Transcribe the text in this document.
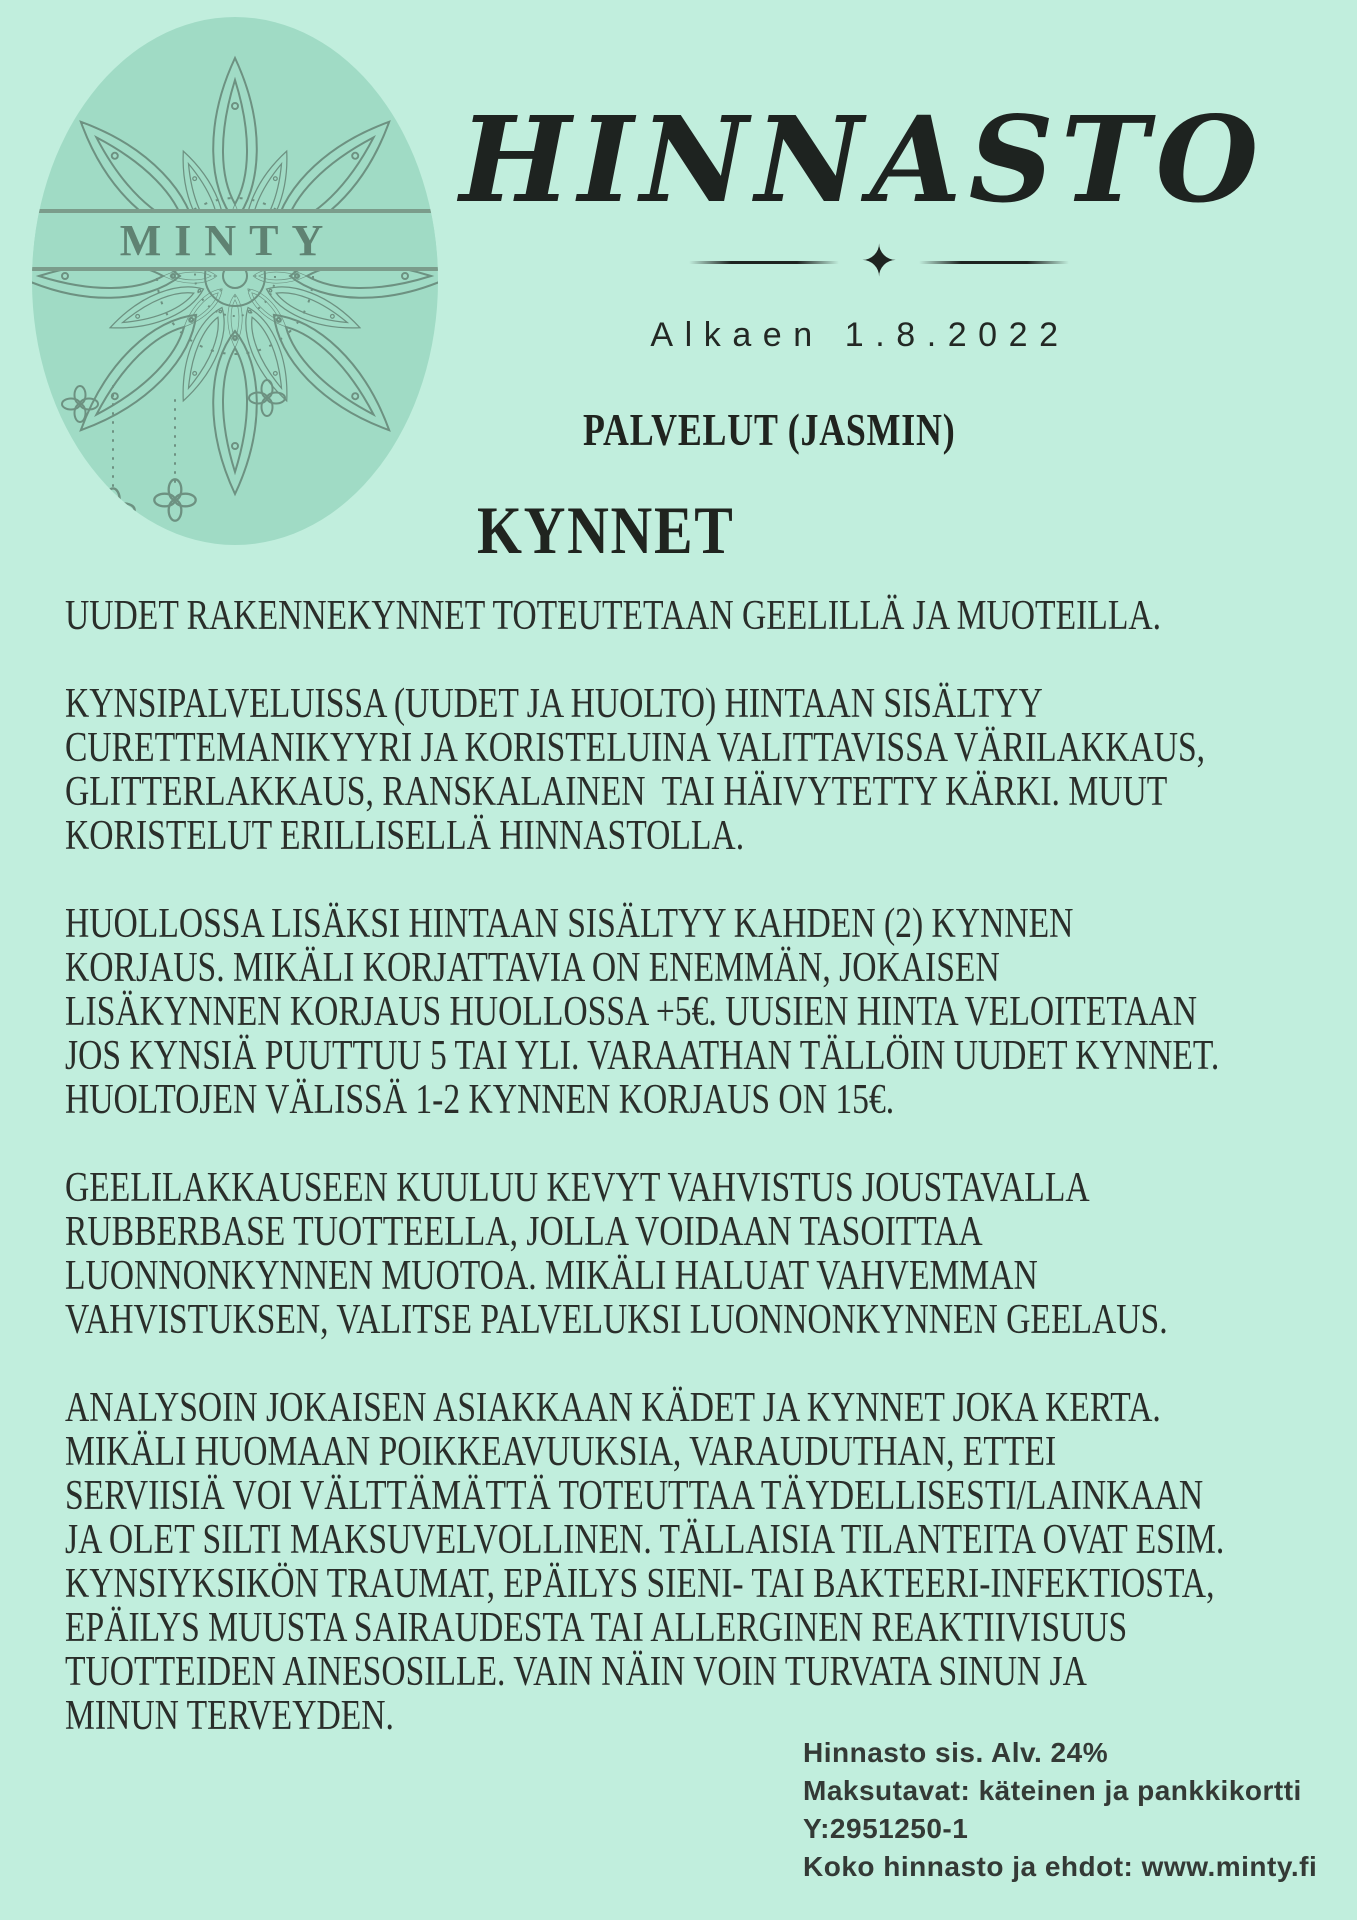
MINTY
HINNASTO
✦
Alkaen 1.8.2022
PALVELUT (JASMIN)
KYNNET
UUDET RAKENNEKYNNET TOTEUTETAAN GEELILLÄ JA MUOTEILLA.
KYNSIPALVELUISSA (UUDET JA HUOLTO) HINTAAN SISÄLTYY
CURETTEMANIKYYRI JA KORISTELUINA VALITTAVISSA VÄRILAKKAUS,
GLITTERLAKKAUS, RANSKALAINEN  TAI HÄIVYTETTY KÄRKI. MUUT
KORISTELUT ERILLISELLÄ HINNASTOLLA.
HUOLLOSSA LISÄKSI HINTAAN SISÄLTYY KAHDEN (2) KYNNEN
KORJAUS. MIKÄLI KORJATTAVIA ON ENEMMÄN, JOKAISEN
LISÄKYNNEN KORJAUS HUOLLOSSA +5€. UUSIEN HINTA VELOITETAAN
JOS KYNSIÄ PUUTTUU 5 TAI YLI. VARAATHAN TÄLLÖIN UUDET KYNNET.
HUOLTOJEN VÄLISSÄ 1-2 KYNNEN KORJAUS ON 15€.
GEELILAKKAUSEEN KUULUU KEVYT VAHVISTUS JOUSTAVALLA
RUBBERBASE TUOTTEELLA, JOLLA VOIDAAN TASOITTAA
LUONNONKYNNEN MUOTOA. MIKÄLI HALUAT VAHVEMMAN
VAHVISTUKSEN, VALITSE PALVELUKSI LUONNONKYNNEN GEELAUS.
ANALYSOIN JOKAISEN ASIAKKAAN KÄDET JA KYNNET JOKA KERTA.
MIKÄLI HUOMAAN POIKKEAVUUKSIA, VARAUDUTHAN, ETTEI
SERVIISIÄ VOI VÄLTTÄMÄTTÄ TOTEUTTAA TÄYDELLISESTI/LAINKAAN
JA OLET SILTI MAKSUVELVOLLINEN. TÄLLAISIA TILANTEITA OVAT ESIM.
KYNSIYKSIKÖN TRAUMAT, EPÄILYS SIENI- TAI BAKTEERI-INFEKTIOSTA,
EPÄILYS MUUSTA SAIRAUDESTA TAI ALLERGINEN REAKTIIVISUUS
TUOTTEIDEN AINESOSILLE. VAIN NÄIN VOIN TURVATA SINUN JA
MINUN TERVEYDEN.
Hinnasto sis. Alv. 24%
Maksutavat: käteinen ja pankkikortti
Y:2951250-1
Koko hinnasto ja ehdot: www.minty.fi
